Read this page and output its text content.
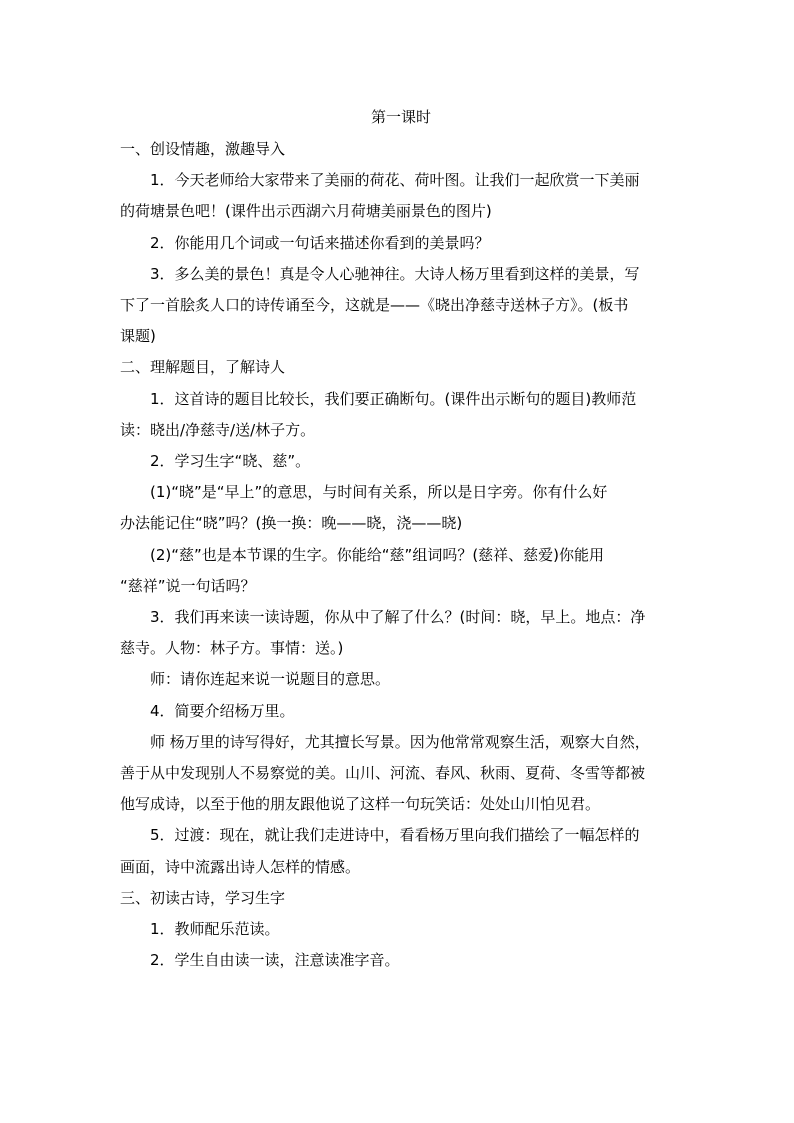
第一课时

一、创设情趣，激趣导入

1．今天老师给大家带来了美丽的荷花、荷叶图。让我们一起欣赏一下美丽

的荷塘景色吧！(课件出示西湖六月荷塘美丽景色的图片)

2．你能用几个词或一句话来描述你看到的美景吗？

3．多么美的景色！真是令人心驰神往。大诗人杨万里看到这样的美景，写

下了一首脍炙人口的诗传诵至今，这就是——《晓出净慈寺送林子方》。(板书

课题)

二、理解题目，了解诗人

1．这首诗的题目比较长，我们要正确断句。(课件出示断句的题目)教师范

读：晓出/净慈寺/送/林子方。

2．学习生字“晓、慈”。

(1)“晓”是“早上”的意思，与时间有关系，所以是日字旁。你有什么好

办法能记住“晓”吗？(换一换：晚——晓，浇——晓)

(2)“慈”也是本节课的生字。你能给“慈”组词吗？(慈祥、慈爱)你能用

“慈祥”说一句话吗？

3．我们再来读一读诗题，你从中了解了什么？(时间：晓，早上。地点：净

慈寺。人物：林子方。事情：送。)

师：请你连起来说一说题目的意思。

4．简要介绍杨万里。

师 杨万里的诗写得好，尤其擅长写景。因为他常常观察生活，观察大自然，

善于从中发现别人不易察觉的美。山川、河流、春风、秋雨、夏荷、冬雪等都被

他写成诗，以至于他的朋友跟他说了这样一句玩笑话：处处山川怕见君。

5．过渡：现在，就让我们走进诗中，看看杨万里向我们描绘了一幅怎样的

画面，诗中流露出诗人怎样的情感。

三、初读古诗，学习生字

1．教师配乐范读。

2．学生自由读一读，注意读准字音。
